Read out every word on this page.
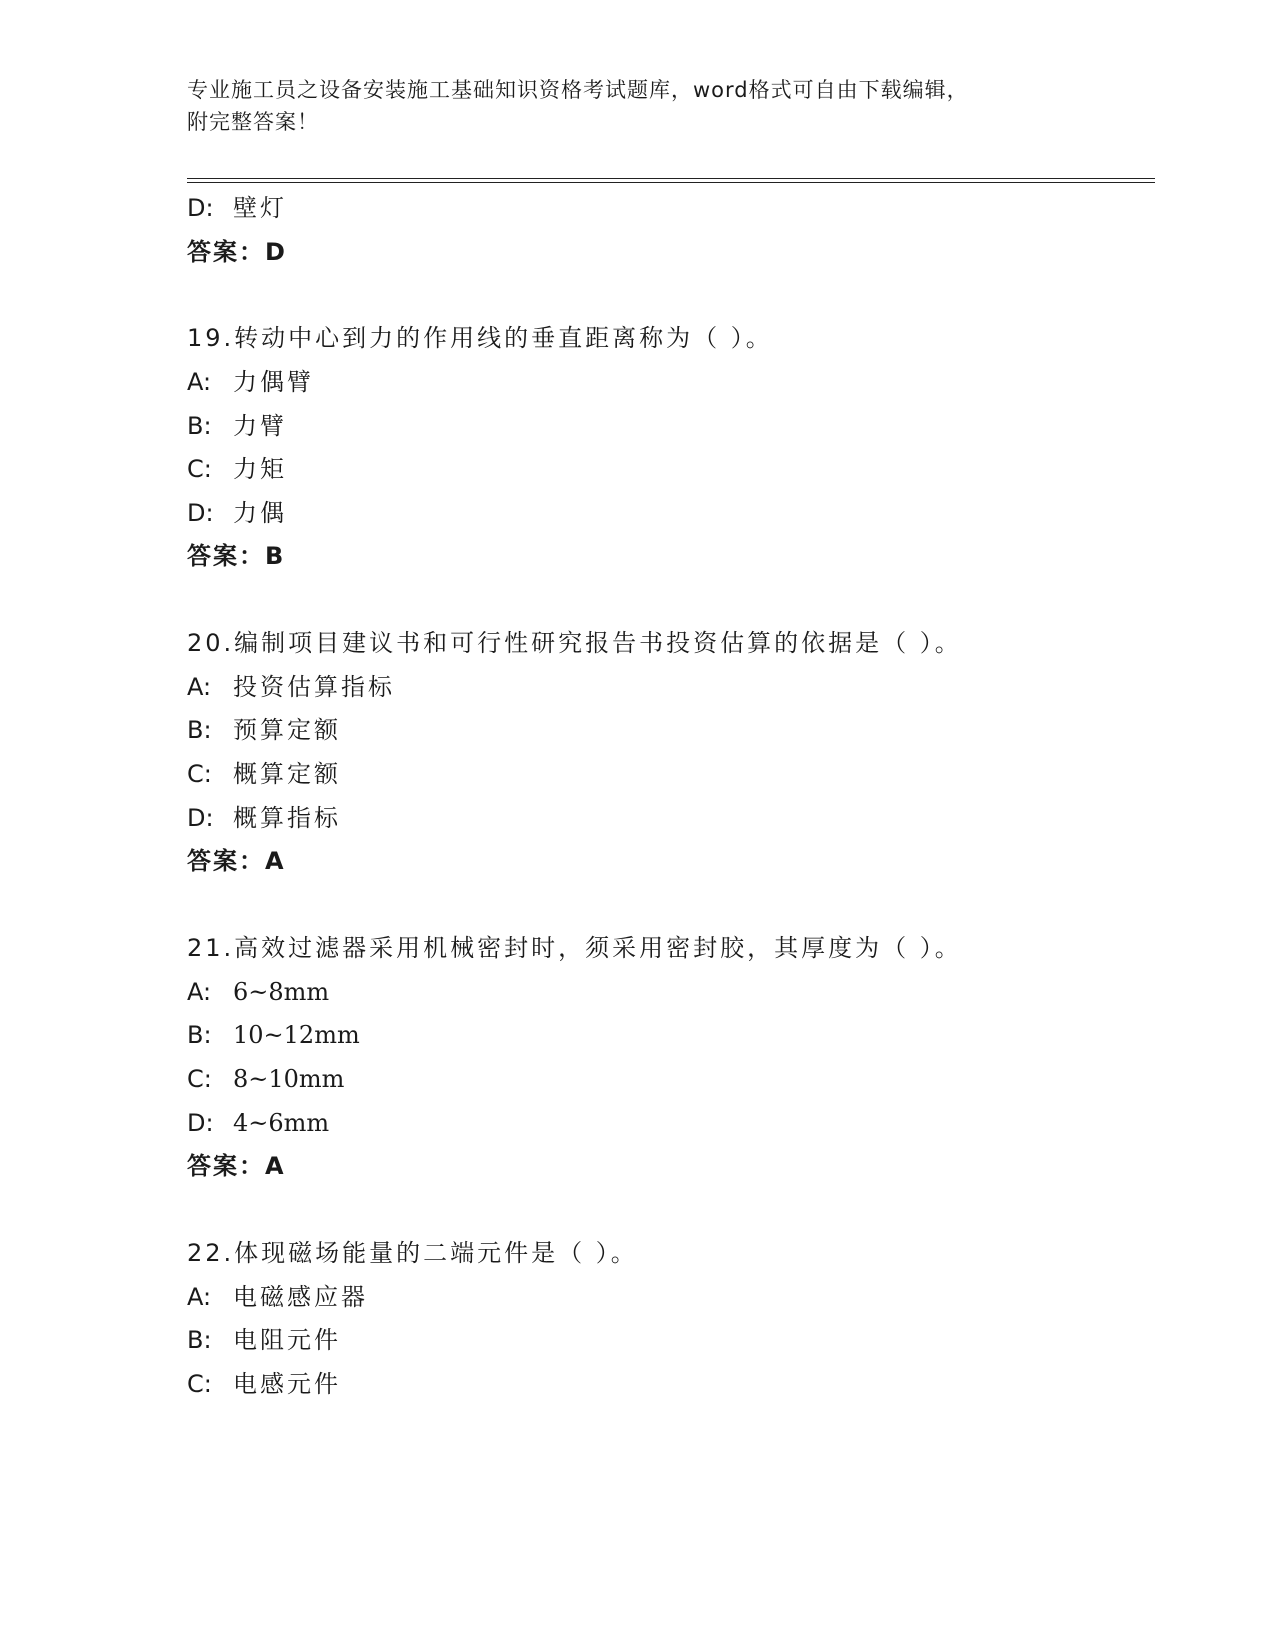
专业施工员之设备安装施工基础知识资格考试题库，word格式可自由下载编辑，
附完整答案！
D: 壁灯
答案：D
19.转动中心到力的作用线的垂直距离称为（ ）。
A: 力偶臂
B: 力臂
C: 力矩
D: 力偶
答案：B
20.编制项目建议书和可行性研究报告书投资估算的依据是（ ）。
A: 投资估算指标
B: 预算定额
C: 概算定额
D: 概算指标
答案：A
21.高效过滤器采用机械密封时，须采用密封胶，其厚度为（ ）。
A: 6~8mm
B: 10~12mm
C: 8~10mm
D: 4~6mm
答案：A
22.体现磁场能量的二端元件是（ ）。
A: 电磁感应器
B: 电阻元件
C: 电感元件
